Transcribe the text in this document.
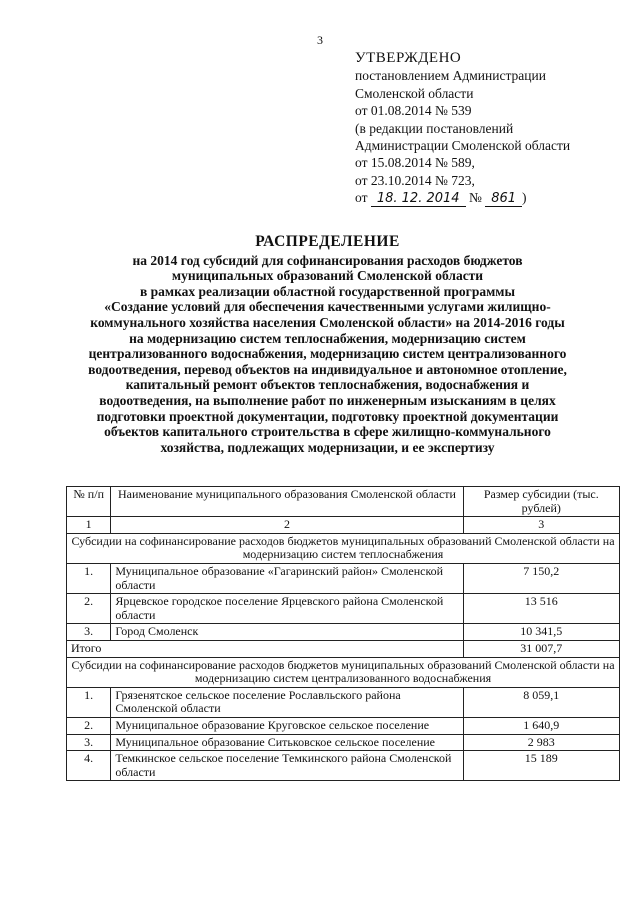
3
УТВЕРЖДЕНО
постановлением Администрации
Смоленской области
от 01.08.2014 № 539
(в редакции постановлений
Администрации Смоленской области
от 15.08.2014 № 589,
от 23.10.2014 № 723,
от 18. 12. 2014 № 861 )
РАСПРЕДЕЛЕНИЕ
на 2014 год субсидий для софинансирования расходов бюджетов
муниципальных образований Смоленской области
в рамках реализации областной государственной программы
«Создание условий для обеспечения качественными услугами жилищно-
коммунального хозяйства населения Смоленской области» на 2014-2016 годы
на модернизацию систем теплоснабжения, модернизацию систем
централизованного водоснабжения, модернизацию систем централизованного
водоотведения, перевод объектов на индивидуальное и автономное отопление,
капитальный ремонт объектов теплоснабжения, водоснабжения и
водоотведения, на выполнение работ по инженерным изысканиям в целях
подготовки проектной документации, подготовку проектной документации
объектов капитального строительства в сфере жилищно-коммунального
хозяйства, подлежащих модернизации, и ее экспертизу
№ п/п	Наименование муниципального образования Смоленской области	Размер субсидии (тыс. рублей)
1	2	3
Субсидии на софинансирование расходов бюджетов муниципальных образований Смоленской области на модернизацию систем теплоснабжения		
1.	Муниципальное образование «Гагаринский район» Смоленской области	7 150,2
2.	Ярцевское городское поселение Ярцевского района Смоленской области	13 516
3.	Город Смоленск	10 341,5
Итого		31 007,7
Субсидии на софинансирование расходов бюджетов муниципальных образований Смоленской области на модернизацию систем централизованного водоснабжения		
1.	Грязенятское сельское поселение Рославльского района Смоленской области	8 059,1
2.	Муниципальное образование Круговское сельское поселение	1 640,9
3.	Муниципальное образование Ситьковское сельское поселение	2 983
4.	Темкинское сельское поселение Темкинского района Смоленской области	15 189
